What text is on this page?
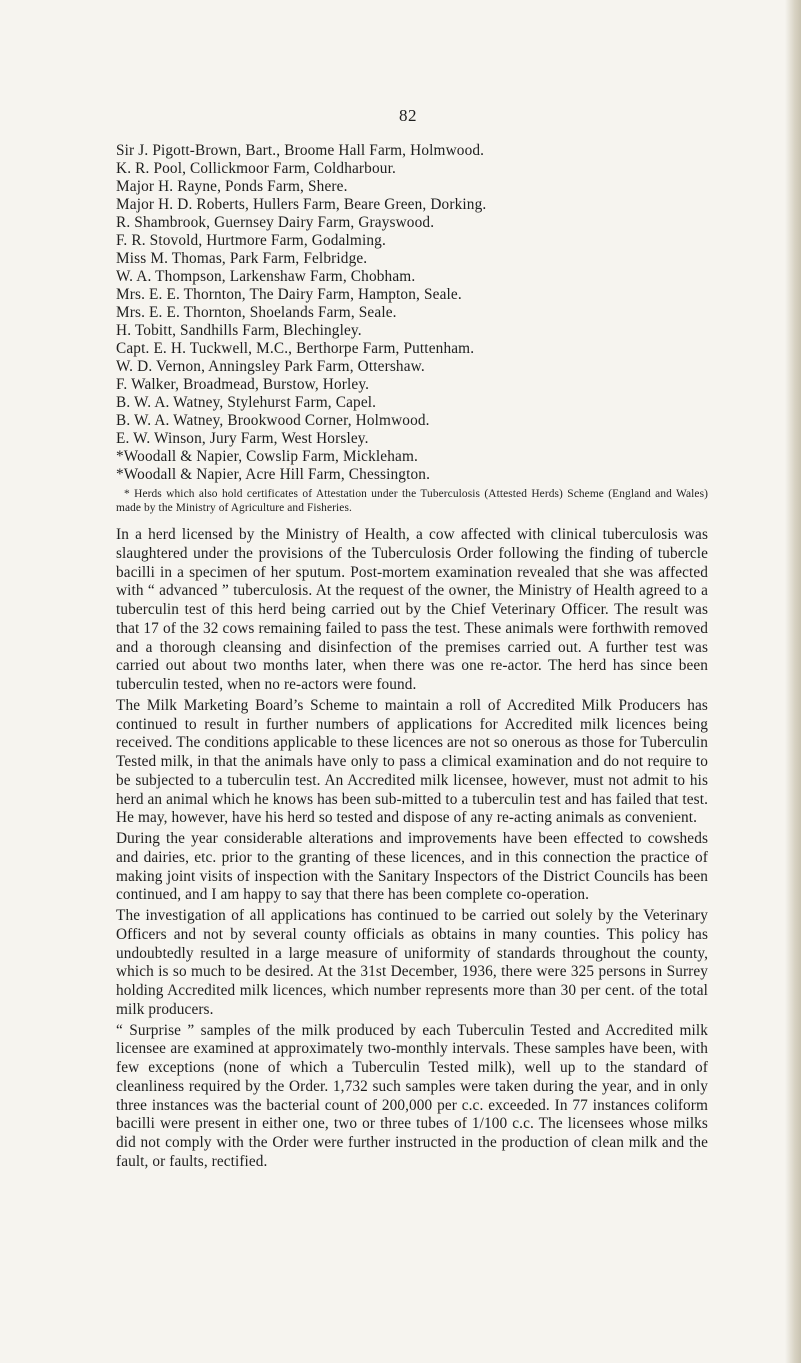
82
Sir J. Pigott-Brown, Bart., Broome Hall Farm, Holmwood.
K. R. Pool, Collickmoor Farm, Coldharbour.
Major H. Rayne, Ponds Farm, Shere.
Major H. D. Roberts, Hullers Farm, Beare Green, Dorking.
R. Shambrook, Guernsey Dairy Farm, Grayswood.
F. R. Stovold, Hurtmore Farm, Godalming.
Miss M. Thomas, Park Farm, Felbridge.
W. A. Thompson, Larkenshaw Farm, Chobham.
Mrs. E. E. Thornton, The Dairy Farm, Hampton, Seale.
Mrs. E. E. Thornton, Shoelands Farm, Seale.
H. Tobitt, Sandhills Farm, Blechingley.
Capt. E. H. Tuckwell, M.C., Berthorpe Farm, Puttenham.
W. D. Vernon, Anningsley Park Farm, Ottershaw.
F. Walker, Broadmead, Burstow, Horley.
B. W. A. Watney, Stylehurst Farm, Capel.
B. W. A. Watney, Brookwood Corner, Holmwood.
E. W. Winson, Jury Farm, West Horsley.
*Woodall & Napier, Cowslip Farm, Mickleham.
*Woodall & Napier, Acre Hill Farm, Chessington.

* Herds which also hold certificates of Attestation under the Tuberculosis (Attested Herds) Scheme (England and Wales) made by the Ministry of Agriculture and Fisheries.

In a herd licensed by the Ministry of Health, a cow affected with clinical tuberculosis was slaughtered under the provisions of the Tuberculosis Order following the finding of tubercle bacilli in a specimen of her sputum. Post-mortem examination revealed that she was affected with “ advanced ” tuberculosis. At the request of the owner, the Ministry of Health agreed to a tuberculin test of this herd being carried out by the Chief Veterinary Officer. The result was that 17 of the 32 cows remaining failed to pass the test. These animals were forthwith removed and a thorough cleansing and disinfection of the premises carried out. A further test was carried out about two months later, when there was one re-actor. The herd has since been tuberculin tested, when no re-actors were found.

The Milk Marketing Board’s Scheme to maintain a roll of Accredited Milk Producers has continued to result in further numbers of applications for Accredited milk licences being received. The conditions applicable to these licences are not so onerous as those for Tuberculin Tested milk, in that the animals have only to pass a climical examination and do not require to be subjected to a tuberculin test. An Accredited milk licensee, however, must not admit to his herd an animal which he knows has been sub-mitted to a tuberculin test and has failed that test. He may, however, have his herd so tested and dispose of any re-acting animals as convenient.

During the year considerable alterations and improvements have been effected to cowsheds and dairies, etc. prior to the granting of these licences, and in this connection the practice of making joint visits of inspection with the Sanitary Inspectors of the District Councils has been continued, and I am happy to say that there has been complete co-operation.

The investigation of all applications has continued to be carried out solely by the Veterinary Officers and not by several county officials as obtains in many counties. This policy has undoubtedly resulted in a large measure of uniformity of standards throughout the county, which is so much to be desired. At the 31st December, 1936, there were 325 persons in Surrey holding Accredited milk licences, which number represents more than 30 per cent. of the total milk producers.

“ Surprise ” samples of the milk produced by each Tuberculin Tested and Accredited milk licensee are examined at approximately two-monthly intervals. These samples have been, with few exceptions (none of which a Tuberculin Tested milk), well up to the standard of cleanliness required by the Order. 1,732 such samples were taken during the year, and in only three instances was the bacterial count of 200,000 per c.c. exceeded. In 77 instances coliform bacilli were present in either one, two or three tubes of 1/100 c.c. The licensees whose milks did not comply with the Order were further instructed in the production of clean milk and the fault, or faults, rectified.
